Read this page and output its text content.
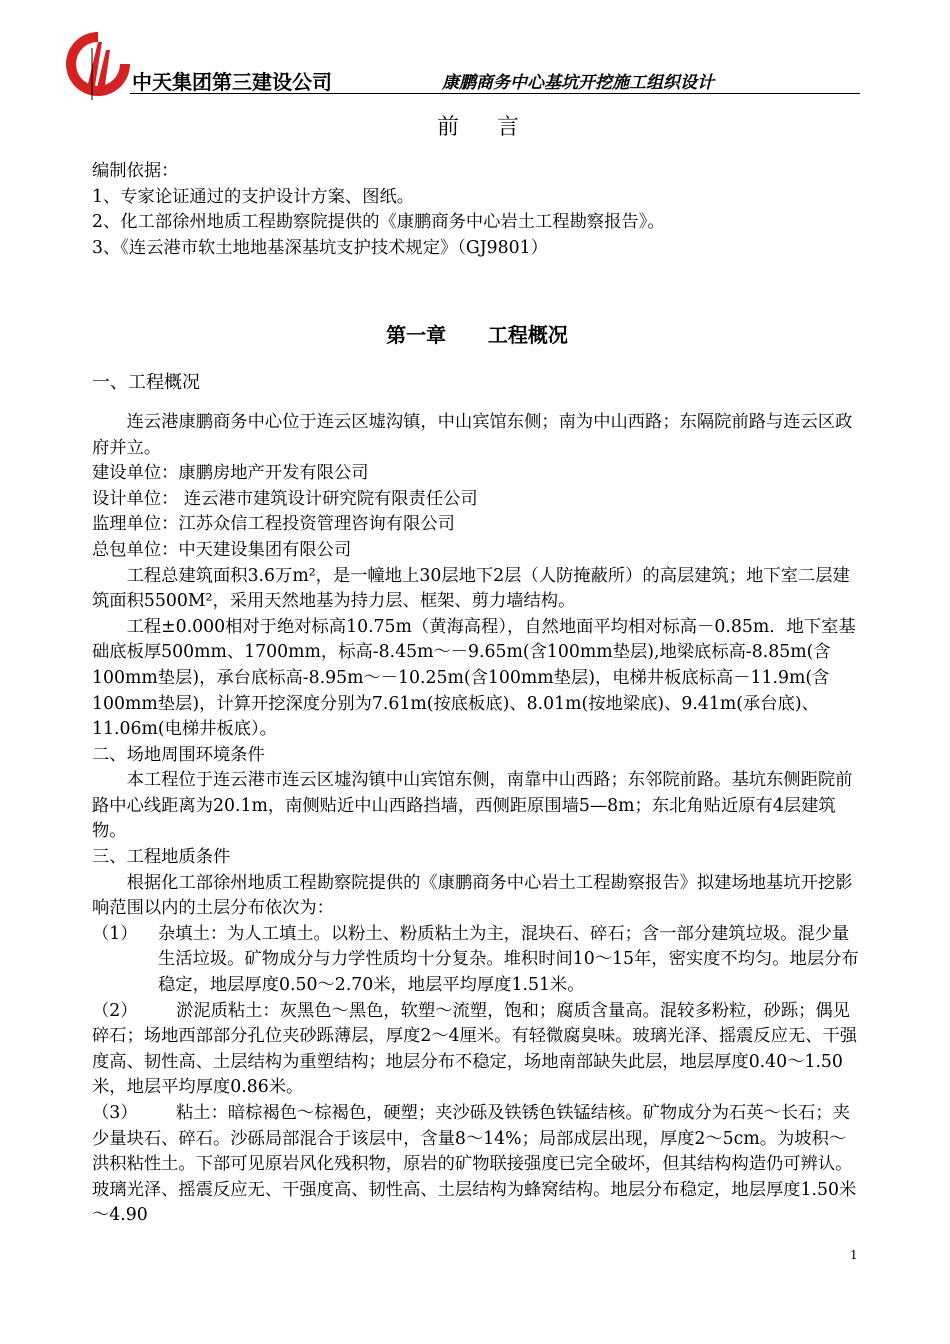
中天集团第三建设公司	康鹏商务中心基坑开挖施工组织设计
前言

编制依据：

1、专家论证通过的支护设计方案、图纸。

2、化工部徐州地质工程勘察院提供的《康鹏商务中心岩土工程勘察报告》。

3、《连云港市软土地地基深基坑支护技术规定》（GJ9801）

第一章      工程概况

一、工程概况

连云港康鹏商务中心位于连云区墟沟镇，中山宾馆东侧；南为中山西路；东隔院前路与连云区政府并立。

建设单位：康鹏房地产开发有限公司

设计单位： 连云港市建筑设计研究院有限责任公司

监理单位：江苏众信工程投资管理咨询有限公司

总包单位：中天建设集团有限公司

工程总建筑面积3.6万m²，是一幢地上30层地下2层（人防掩蔽所）的高层建筑；地下室二层建筑面积5500M²，采用天然地基为持力层、框架、剪力墙结构。

工程±0.000相对于绝对标高10.75m（黄海高程），自然地面平均相对标高－0.85m．地下室基础底板厚500mm、1700mm，标高-8.45m～－9.65m(含100mm垫层),地梁底标高-8.85m(含100mm垫层)，承台底标高-8.95m～－10.25m(含100mm垫层)，电梯井板底标高－11.9m(含100mm垫层)，计算开挖深度分别为7.61m(按底板底)、8.01m(按地梁底)、9.41m(承台底)、11.06m(电梯井板底）。

二、场地周围环境条件

本工程位于连云港市连云区墟沟镇中山宾馆东侧，南靠中山西路；东邻院前路。基坑东侧距院前路中心线距离为20.1m，南侧贴近中山西路挡墙，西侧距原围墙5—8m；东北角贴近原有4层建筑物。

三、工程地质条件

根据化工部徐州地质工程勘察院提供的《康鹏商务中心岩土工程勘察报告》拟建场地基坑开挖影响范围以内的土层分布依次为：

（1）	杂填土：为人工填土。以粉土、粉质粘土为主，混块石、碎石；含一部分建筑垃圾。混少量生活垃圾。矿物成分与力学性质均十分复杂。堆积时间10～15年，密实度不均匀。地层分布稳定，地层厚度0.50～2.70米，地层平均厚度1.51米。

（2） 淤泥质粘土：灰黑色～黑色，软塑～流塑，饱和；腐质含量高。混较多粉粒，砂跞；偶见碎石；场地西部部分孔位夹砂跞薄层，厚度2～4厘米。有轻微腐臭味。玻璃光泽、摇震反应无、干强度高、韧性高、土层结构为重塑结构；地层分布不稳定，场地南部缺失此层，地层厚度0.40～1.50米，地层平均厚度0.86米。

（3） 粘土：暗棕褐色～棕褐色，硬塑；夹沙砾及铁锈色铁锰结核。矿物成分为石英～长石；夹少量块石、碎石。沙砾局部混合于该层中，含量8～14%；局部成层出现，厚度2～5cm。为坡积～洪积粘性土。下部可见原岩风化残积物，原岩的矿物联接强度已完全破坏，但其结构构造仍可辨认。玻璃光泽、摇震反应无、干强度高、韧性高、土层结构为蜂窝结构。地层分布稳定，地层厚度1.50米～4.90

1
